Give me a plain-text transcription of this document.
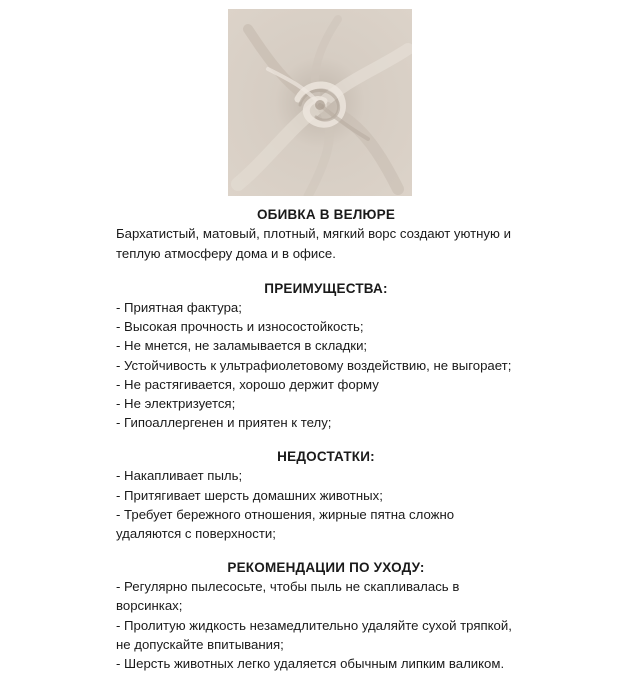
ОБИВКА В ВЕЛЮРЕ

Бархатистый, матовый, плотный, мягкий ворс создают уютную и

теплую атмосферу дома и в офисе.

ПРЕИМУЩЕСТВА:
- Приятная фактура;
- Высокая прочность и износостойкость;
- Не мнется, не заламывается в складки;
- Устойчивость к ультрафиолетовому воздействию, не выгорает;
- Не растягивается, хорошо держит форму
- Не электризуется;
- Гипоаллергенен и приятен к телу;
НЕДОСТАТКИ:
- Накапливает пыль;
- Притягивает шерсть домашних животных;
- Требует бережного отношения, жирные пятна сложно
удаляются с поверхности;
РЕКОМЕНДАЦИИ ПО УХОДУ:
- Регулярно пылесосьте, чтобы пыль не скапливалась в
ворсинках;
- Пролитую жидкость незамедлительно удаляйте сухой тряпкой,
не допускайте впитывания;
- Шерсть животных легко удаляется обычным липким валиком.
